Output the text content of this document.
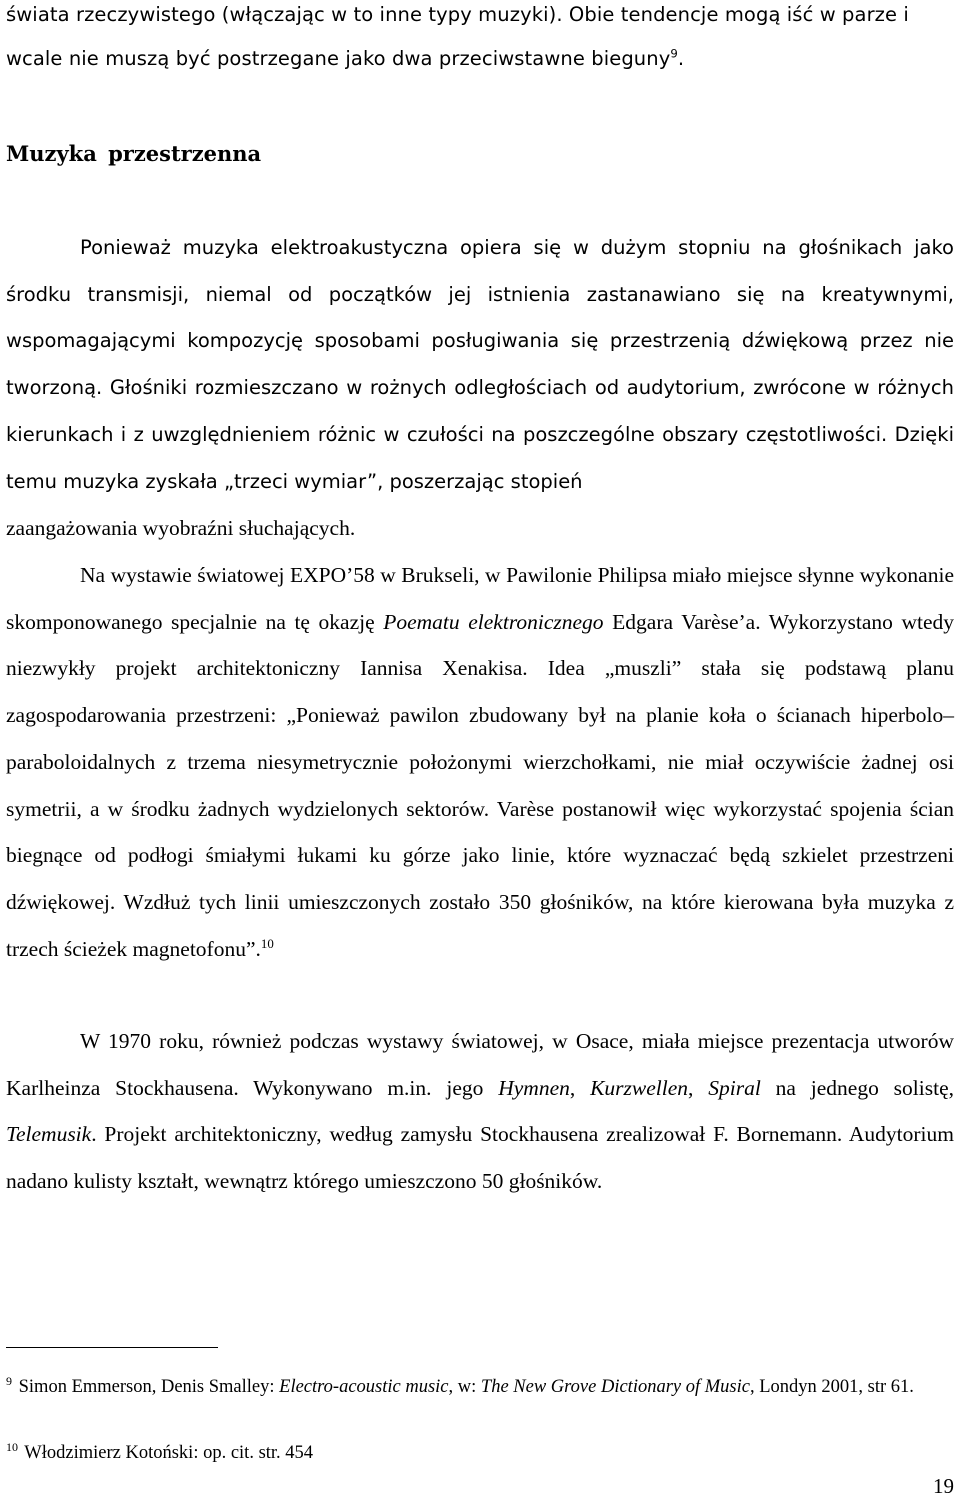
świata rzeczywistego (włączając w to inne typy muzyki). Obie tendencje mogą iść w parze i
wcale nie muszą być postrzegane jako dwa przeciwstawne bieguny$^9$.
Muzyka przestrzenna

Ponieważ muzyka elektroakustyczna opiera się w dużym stopniu na głośnikach jako środku transmisji, niemal od początków jej istnienia zastanawiano się na kreatywnymi, wspomagającymi kompozycję sposobami posługiwania się przestrzenią dźwiękową przez nie tworzoną. Głośniki rozmieszczano w rożnych odległościach od audytorium, zwrócone w różnych kierunkach i z uwzględnieniem różnic w czułości na poszczególne obszary częstotliwości. Dzięki temu muzyka zyskała „trzeci wymiar”, poszerzając stopień

zaangażowania wyobraźni słuchających.

Na wystawie światowej EXPO’58 w Brukseli, w Pawilonie Philipsa miało miejsce słynne wykonanie skomponowanego specjalnie na tę okazję Poematu elektronicznego Edgara Varèse’a. Wykorzystano wtedy niezwykły projekt architektoniczny Iannisa Xenakisa. Idea „muszli” stała się podstawą planu zagospodarowania przestrzeni: „Ponieważ pawilon zbudowany był na planie koła o ścianach hiperbolo–paraboloidalnych z trzema niesymetrycznie położonymi wierzchołkami, nie miał oczywiście żadnej osi symetrii, a w środku żadnych wydzielonych sektorów. Varèse postanowił więc wykorzystać spojenia ścian biegnące od podłogi śmiałymi łukami ku górze jako linie, które wyznaczać będą szkielet przestrzeni dźwiękowej. Wzdłuż tych linii umieszczonych zostało 350 głośników, na które kierowana była muzyka z trzech ścieżek magnetofonu”.$^{10}$

W 1970 roku, również podczas wystawy światowej, w Osace, miała miejsce prezentacja utworów Karlheinza Stockhausena. Wykonywano m.in. jego Hymnen, Kurzwellen, Spiral na jednego solistę, Telemusik. Projekt architektoniczny, według zamysłu Stockhausena zrealizował F. Bornemann. Audytorium nadano kulisty kształt, wewnątrz którego umieszczono 50 głośników.

$^9$ Simon Emmerson, Denis Smalley: Electro-acoustic music, w: The New Grove Dictionary of Music, Londyn 2001, str 61.

$^{10}$ Włodzimierz Kotoński: op. cit. str. 454

19
